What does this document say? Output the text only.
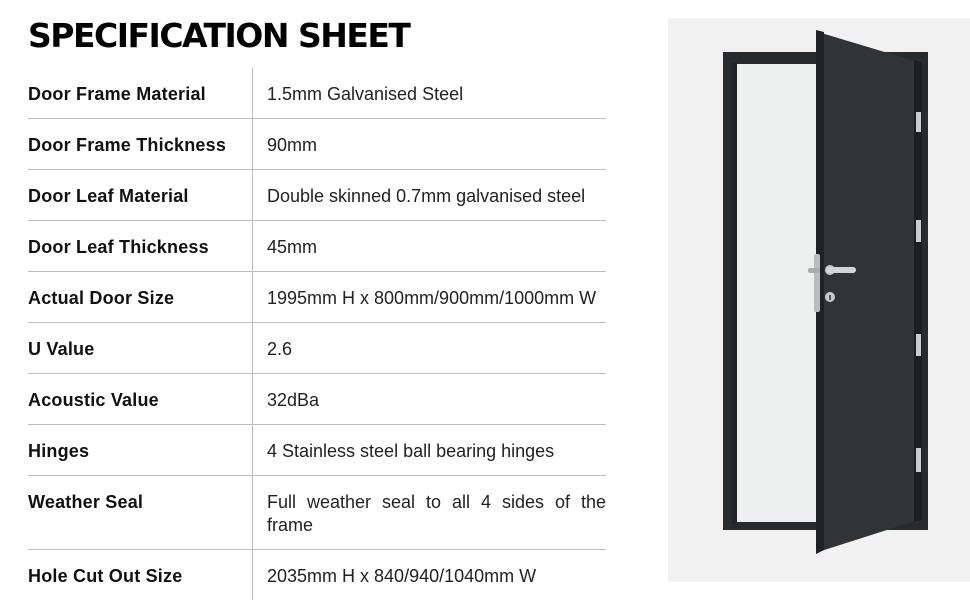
SPECIFICATION SHEET
Door Frame Material	1.5mm Galvanised Steel
Door Frame Thickness	90mm
Door Leaf Material	Double skinned 0.7mm galvanised steel
Door Leaf Thickness	45mm
Actual Door Size	1995mm H x 800mm/900mm/1000mm W
U Value	2.6
Acoustic Value	32dBa
Hinges	4 Stainless steel ball bearing hinges
Weather Seal	Full weather seal to all 4 sides of the frame
Hole Cut Out Size	2035mm H x 840/940/1040mm W
